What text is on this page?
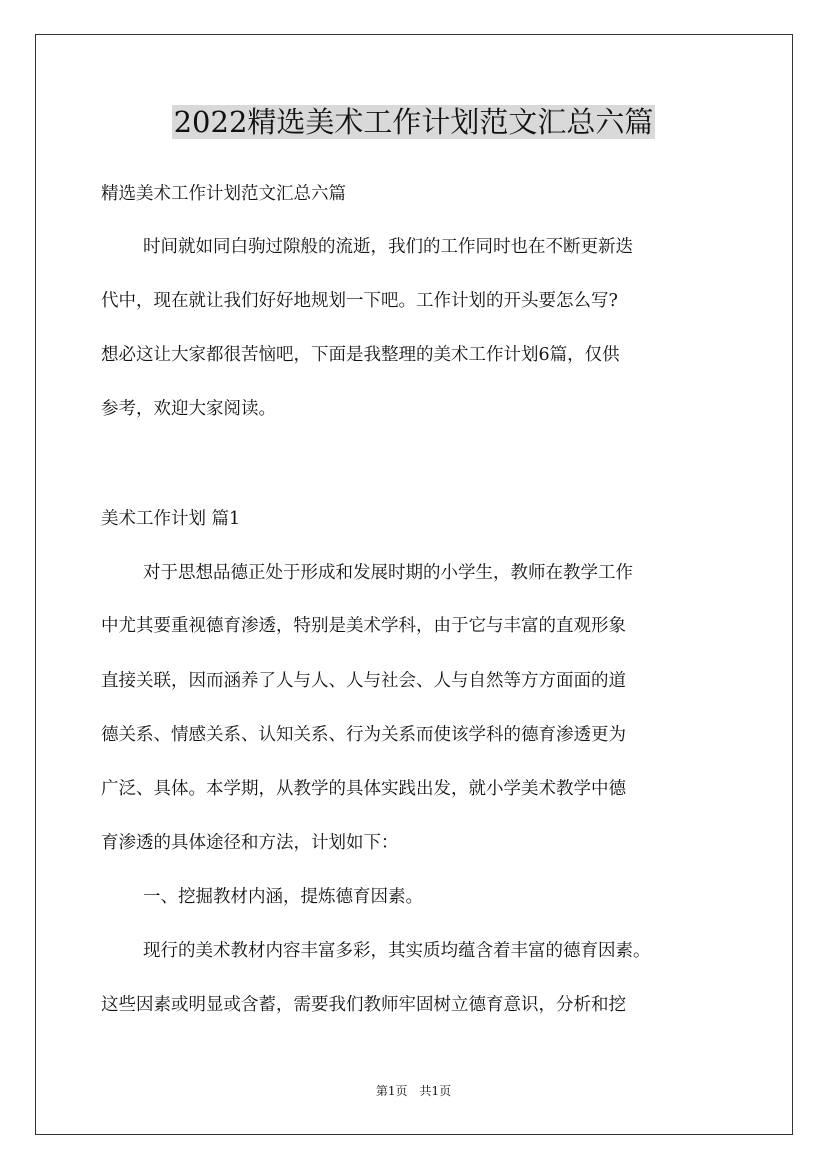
2022精选美术工作计划范文汇总六篇

精选美术工作计划范文汇总六篇

时间就如同白驹过隙般的流逝，我们的工作同时也在不断更新迭

代中，现在就让我们好好地规划一下吧。工作计划的开头要怎么写?

想必这让大家都很苦恼吧，下面是我整理的美术工作计划6篇，仅供

参考，欢迎大家阅读。

美术工作计划 篇1

对于思想品德正处于形成和发展时期的小学生，教师在教学工作

中尤其要重视德育渗透，特别是美术学科，由于它与丰富的直观形象

直接关联，因而涵养了人与人、人与社会、人与自然等方方面面的道

德关系、情感关系、认知关系、行为关系而使该学科的德育渗透更为

广泛、具体。本学期，从教学的具体实践出发，就小学美术教学中德

育渗透的具体途径和方法，计划如下：

一、挖掘教材内涵，提炼德育因素。

现行的美术教材内容丰富多彩，其实质均蕴含着丰富的德育因素。

这些因素或明显或含蓄，需要我们教师牢固树立德育意识，分析和挖

第1页　共1页
